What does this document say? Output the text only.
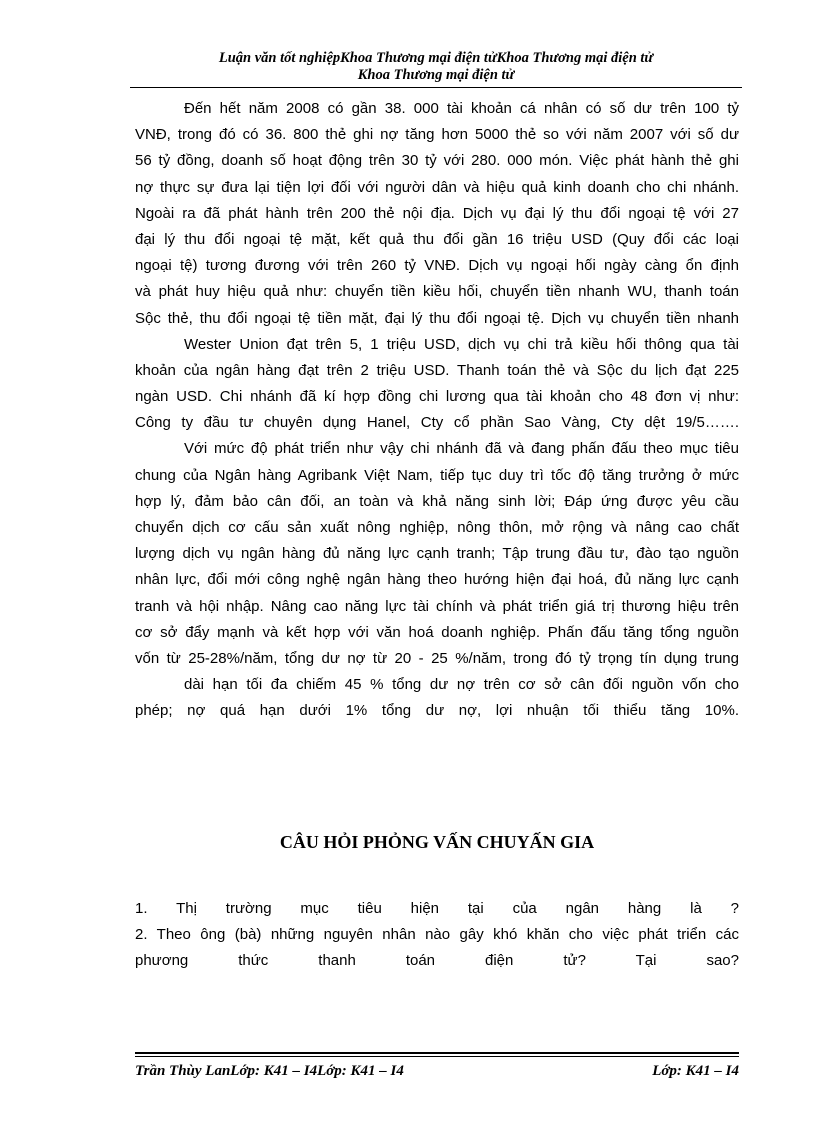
Luận văn tốt nghiệpKhoa Thương mại điện tửKhoa Thương mại điện tử
Khoa Thương mại điện tử
Đến hết năm 2008 có gần 38. 000 tài khoản cá nhân có số dư trên 100 tỷ
VNĐ, trong đó có 36. 800 thẻ ghi nợ tăng hơn 5000 thẻ so với năm 2007 với số dư
56 tỷ đồng, doanh số hoạt động trên 30 tỷ với 280. 000 món. Việc phát hành thẻ ghi
nợ thực sự đưa lại tiện lợi đối với người dân và hiệu quả kinh doanh cho chi nhánh.
Ngoài ra đã phát hành trên 200 thẻ nội địa. Dịch vụ đại lý thu đổi ngoại tệ với 27
đại lý thu đổi ngoại tệ mặt, kết quả thu đổi gần 16 triệu USD (Quy đổi các loại
ngoại tệ) tương đương với trên 260 tỷ VNĐ. Dịch vụ ngoại hối ngày càng ổn định
và phát huy hiệu quả như: chuyển tiền kiều hối, chuyển tiền nhanh WU, thanh toán
Sộc thẻ, thu đổi ngoại tệ tiền mặt, đại lý thu đổi ngoại tệ. Dịch vụ chuyển tiền nhanh
Wester Union đạt trên 5, 1 triệu USD, dịch vụ chi trả kiều hối thông qua tài
khoản của ngân hàng đạt trên 2 triệu USD. Thanh toán thẻ và Sộc du lịch đạt 225
ngàn USD. Chi nhánh đã kí hợp đồng chi lương qua tài khoản cho 48 đơn vị như:
Công ty đầu tư chuyên dụng Hanel, Cty cổ phần Sao Vàng, Cty dệt 19/5…….
Với mức độ phát triển như vậy chi nhánh đã và đang phấn đấu theo mục tiêu
chung của Ngân hàng Agribank Việt Nam, tiếp tục duy trì tốc độ tăng trưởng ở mức
hợp lý, đảm bảo cân đối, an toàn và khả năng sinh lời; Đáp ứng được yêu cầu
chuyển dịch cơ cấu sản xuất nông nghiệp, nông thôn, mở rộng và nâng cao chất
lượng dịch vụ ngân hàng đủ năng lực cạnh tranh; Tập trung đầu tư, đào tạo nguồn
nhân lực, đổi mới công nghệ ngân hàng theo hướng hiện đại hoá, đủ năng lực cạnh
tranh và hội nhập. Nâng cao năng lực tài chính và phát triển giá trị thương hiệu trên
cơ sở đẩy mạnh và kết hợp với văn hoá doanh nghiệp. Phấn đấu tăng tổng nguồn
vốn từ 25-28%/năm, tổng dư nợ từ 20 - 25 %/năm, trong đó tỷ trọng tín dụng trung
dài hạn tối đa chiếm 45 % tổng dư nợ trên cơ sở cân đối nguồn vốn cho
phép; nợ quá hạn dưới 1% tổng dư nợ, lợi nhuận tối thiểu tăng 10%.
CÂU HỎI PHỎNG VẤN CHUYẤN GIA
1. Thị trường mục tiêu hiện tại của ngân hàng là ?
2. Theo ông (bà) những nguyên nhân nào gây khó khăn cho việc phát triển các
phương thức thanh toán điện tử? Tại sao?
Trần Thùy LanLớp: K41 – I4Lớp: K41 – I4	Lớp: K41 – I4
